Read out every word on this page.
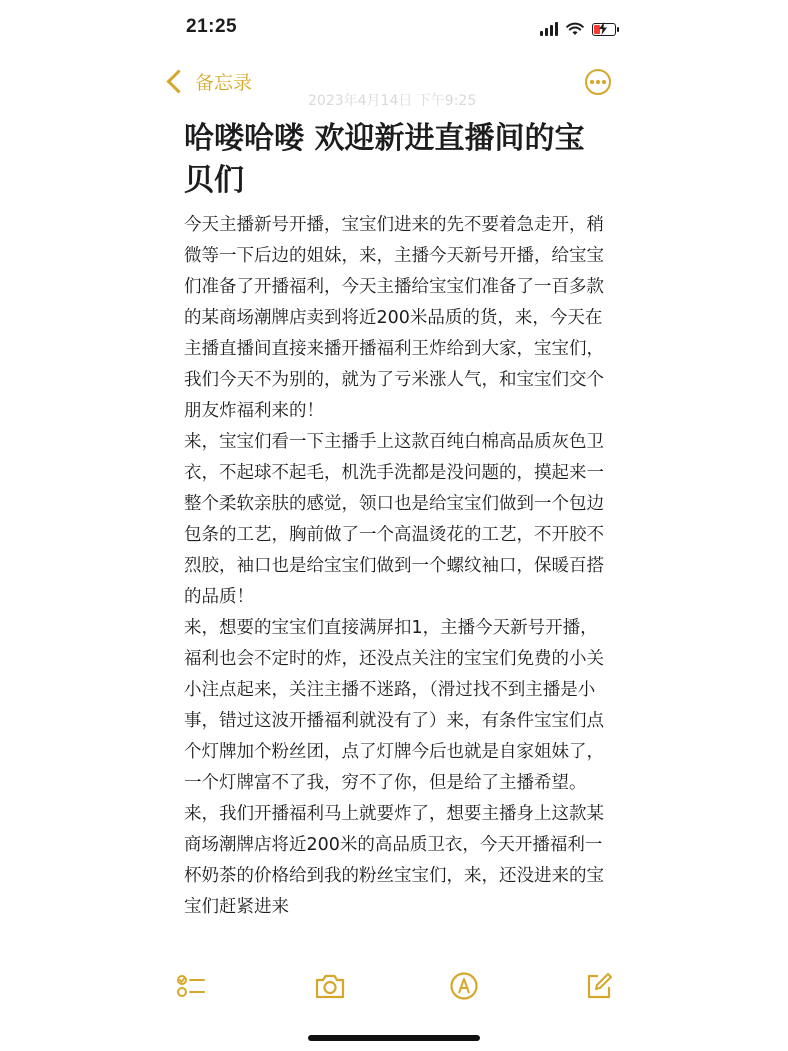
21:25
备忘录
2023年4月14日 下午9:25
哈喽哈喽 欢迎新进直播间的宝贝们

今天主播新号开播，宝宝们进来的先不要着急走开，稍微等一下后边的姐妹，来，主播今天新号开播，给宝宝们准备了开播福利，今天主播给宝宝们准备了一百多款的某商场潮牌店卖到将近200米品质的货，来，今天在主播直播间直接来播开播福利王炸给到大家，宝宝们，我们今天不为别的，就为了亏米涨人气，和宝宝们交个朋友炸福利来的！

来，宝宝们看一下主播手上这款百纯白棉高品质灰色卫衣，不起球不起毛，机洗手洗都是没问题的，摸起来一整个柔软亲肤的感觉，领口也是给宝宝们做到一个包边包条的工艺，胸前做了一个高温烫花的工艺，不开胶不烈胶，袖口也是给宝宝们做到一个螺纹袖口，保暖百搭的品质！

来，想要的宝宝们直接满屏扣1，主播今天新号开播，福利也会不定时的炸，还没点关注的宝宝们免费的小关小注点起来，关注主播不迷路，（滑过找不到主播是小事，错过这波开播福利就没有了）来，有条件宝宝们点个灯牌加个粉丝团，点了灯牌今后也就是自家姐妹了，一个灯牌富不了我，穷不了你，但是给了主播希望。

来，我们开播福利马上就要炸了，想要主播身上这款某商场潮牌店将近200米的高品质卫衣，今天开播福利一杯奶茶的价格给到我的粉丝宝宝们，来，还没进来的宝宝们赶紧进来
